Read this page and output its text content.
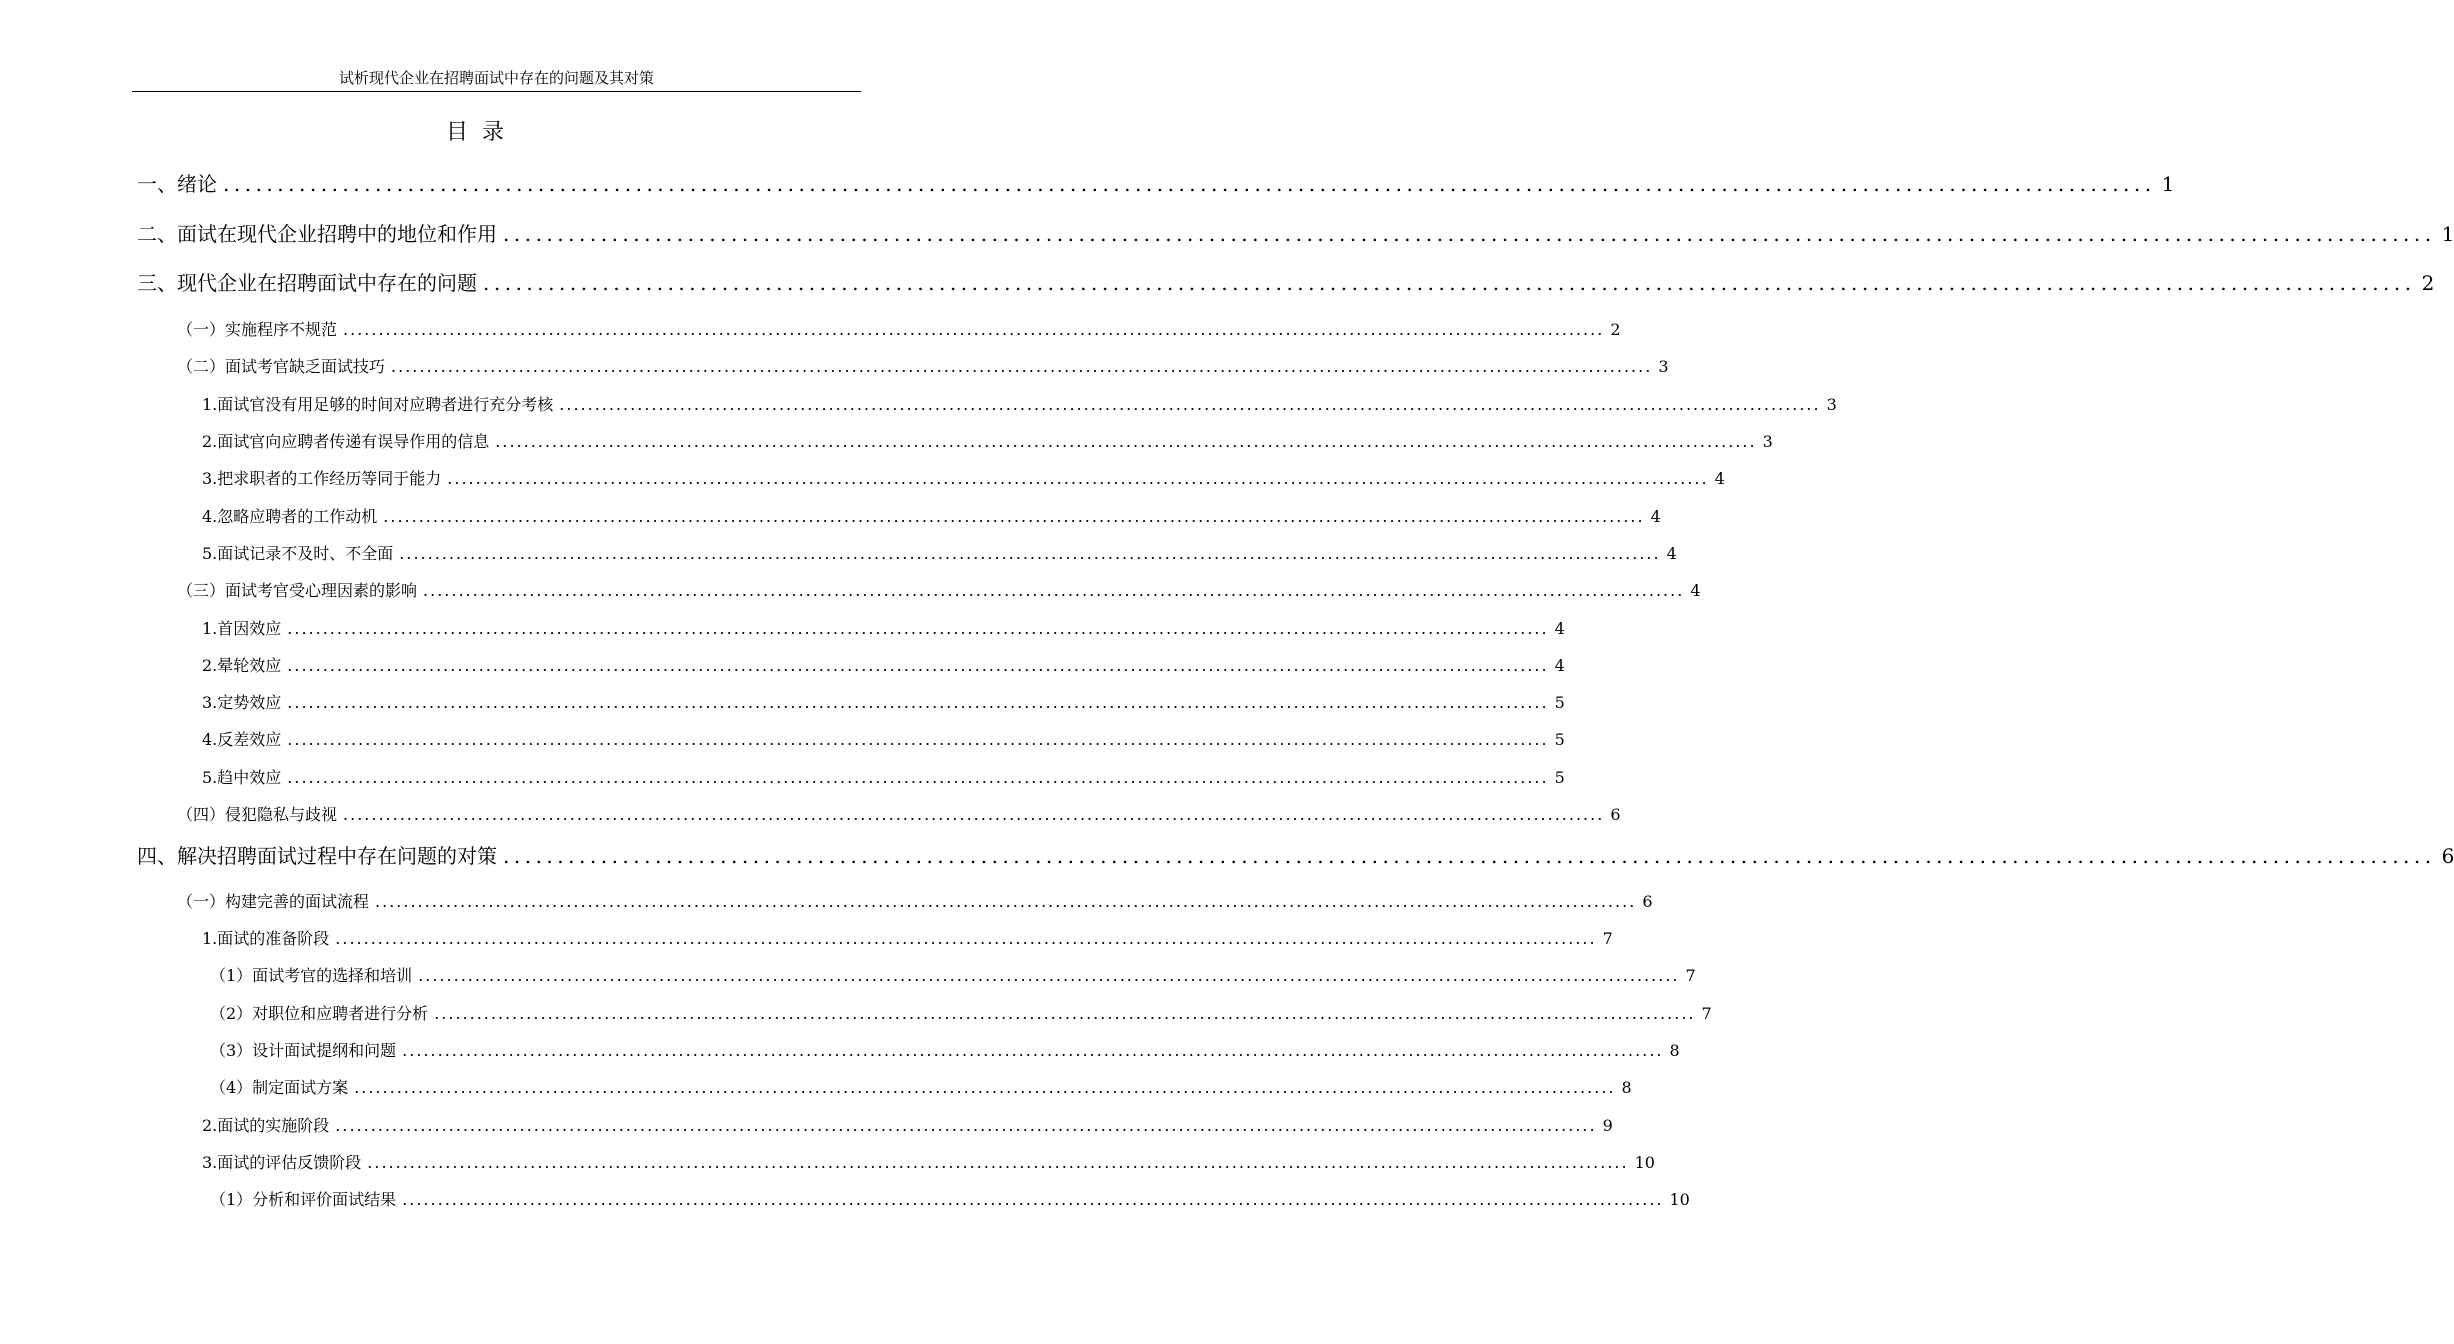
试析现代企业在招聘面试中存在的问题及其对策
目录
一、绪论 .................................................................................................................................................................................. 1
二、面试在现代企业招聘中的地位和作用 .................................................................................................................................................................................. 1
三、现代企业在招聘面试中存在的问题 .................................................................................................................................................................................. 2
（一）实施程序不规范 .................................................................................................................................................................................. 2
（二）面试考官缺乏面试技巧 .................................................................................................................................................................................. 3
1.面试官没有用足够的时间对应聘者进行充分考核 .................................................................................................................................................................................. 3
2.面试官向应聘者传递有误导作用的信息 .................................................................................................................................................................................. 3
3.把求职者的工作经历等同于能力 .................................................................................................................................................................................. 4
4.忽略应聘者的工作动机 .................................................................................................................................................................................. 4
5.面试记录不及时、不全面 .................................................................................................................................................................................. 4
（三）面试考官受心理因素的影响 .................................................................................................................................................................................. 4
1.首因效应 .................................................................................................................................................................................. 4
2.晕轮效应 .................................................................................................................................................................................. 4
3.定势效应 .................................................................................................................................................................................. 5
4.反差效应 .................................................................................................................................................................................. 5
5.趋中效应 .................................................................................................................................................................................. 5
（四）侵犯隐私与歧视 .................................................................................................................................................................................. 6
四、解决招聘面试过程中存在问题的对策 .................................................................................................................................................................................. 6
（一）构建完善的面试流程 .................................................................................................................................................................................. 6
1.面试的准备阶段 .................................................................................................................................................................................. 7
（1）面试考官的选择和培训 .................................................................................................................................................................................. 7
（2）对职位和应聘者进行分析 .................................................................................................................................................................................. 7
（3）设计面试提纲和问题 .................................................................................................................................................................................. 8
（4）制定面试方案 .................................................................................................................................................................................. 8
2.面试的实施阶段 .................................................................................................................................................................................. 9
3.面试的评估反馈阶段 .................................................................................................................................................................................. 10
（1）分析和评价面试结果 .................................................................................................................................................................................. 10
